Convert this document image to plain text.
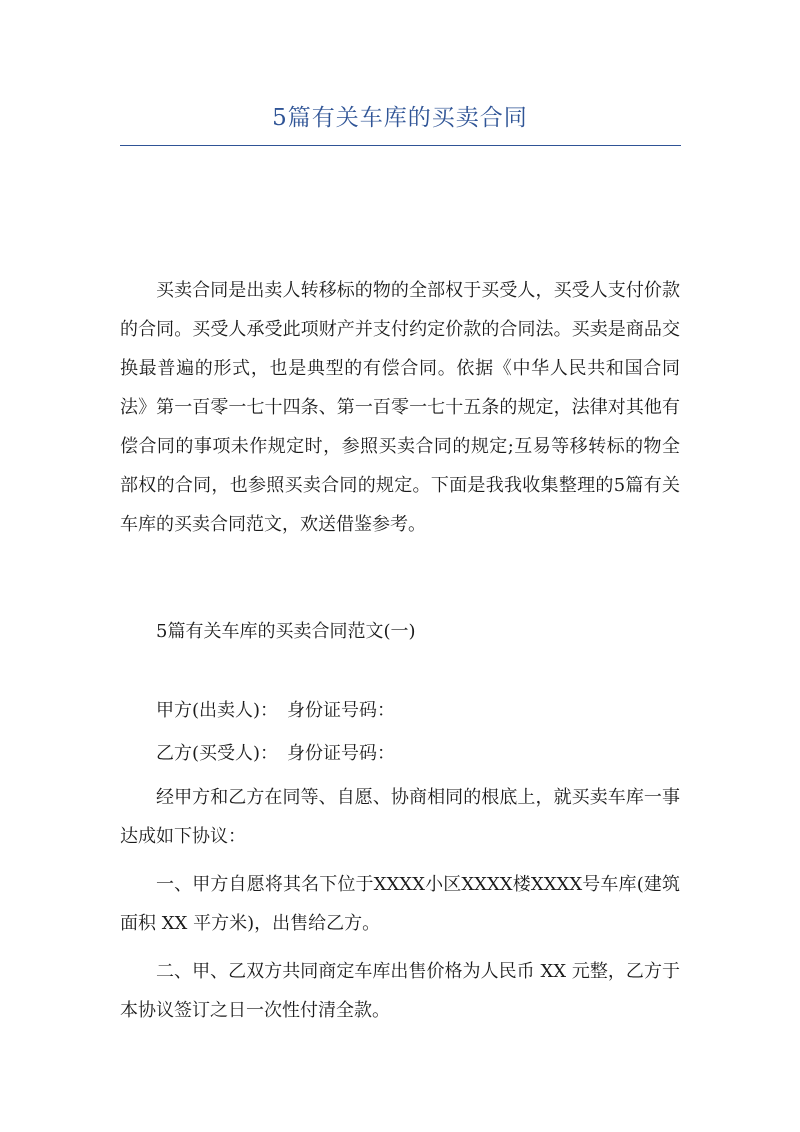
5篇有关车库的买卖合同

买卖合同是出卖人转移标的物的全部权于买受人，买受人支付价款的合同。买受人承受此项财产并支付约定价款的合同法。买卖是商品交换最普遍的形式，也是典型的有偿合同。依据《中华人民共和国合同法》第一百零一七十四条、第一百零一七十五条的规定，法律对其他有偿合同的事项未作规定时，参照买卖合同的规定;互易等移转标的物全部权的合同，也参照买卖合同的规定。下面是我我收集整理的5篇有关车库的买卖合同范文，欢送借鉴参考。

5篇有关车库的买卖合同范文(一)
甲方(出卖人)：　身份证号码：
乙方(买受人)：　身份证号码：

经甲方和乙方在同等、自愿、协商相同的根底上，就买卖车库一事达成如下协议：

一、甲方自愿将其名下位于XXXX小区XXXX楼XXXX号车库(建筑面积 XX 平方米)，出售给乙方。

二、甲、乙双方共同商定车库出售价格为人民币 XX 元整，乙方于本协议签订之日一次性付清全款。
